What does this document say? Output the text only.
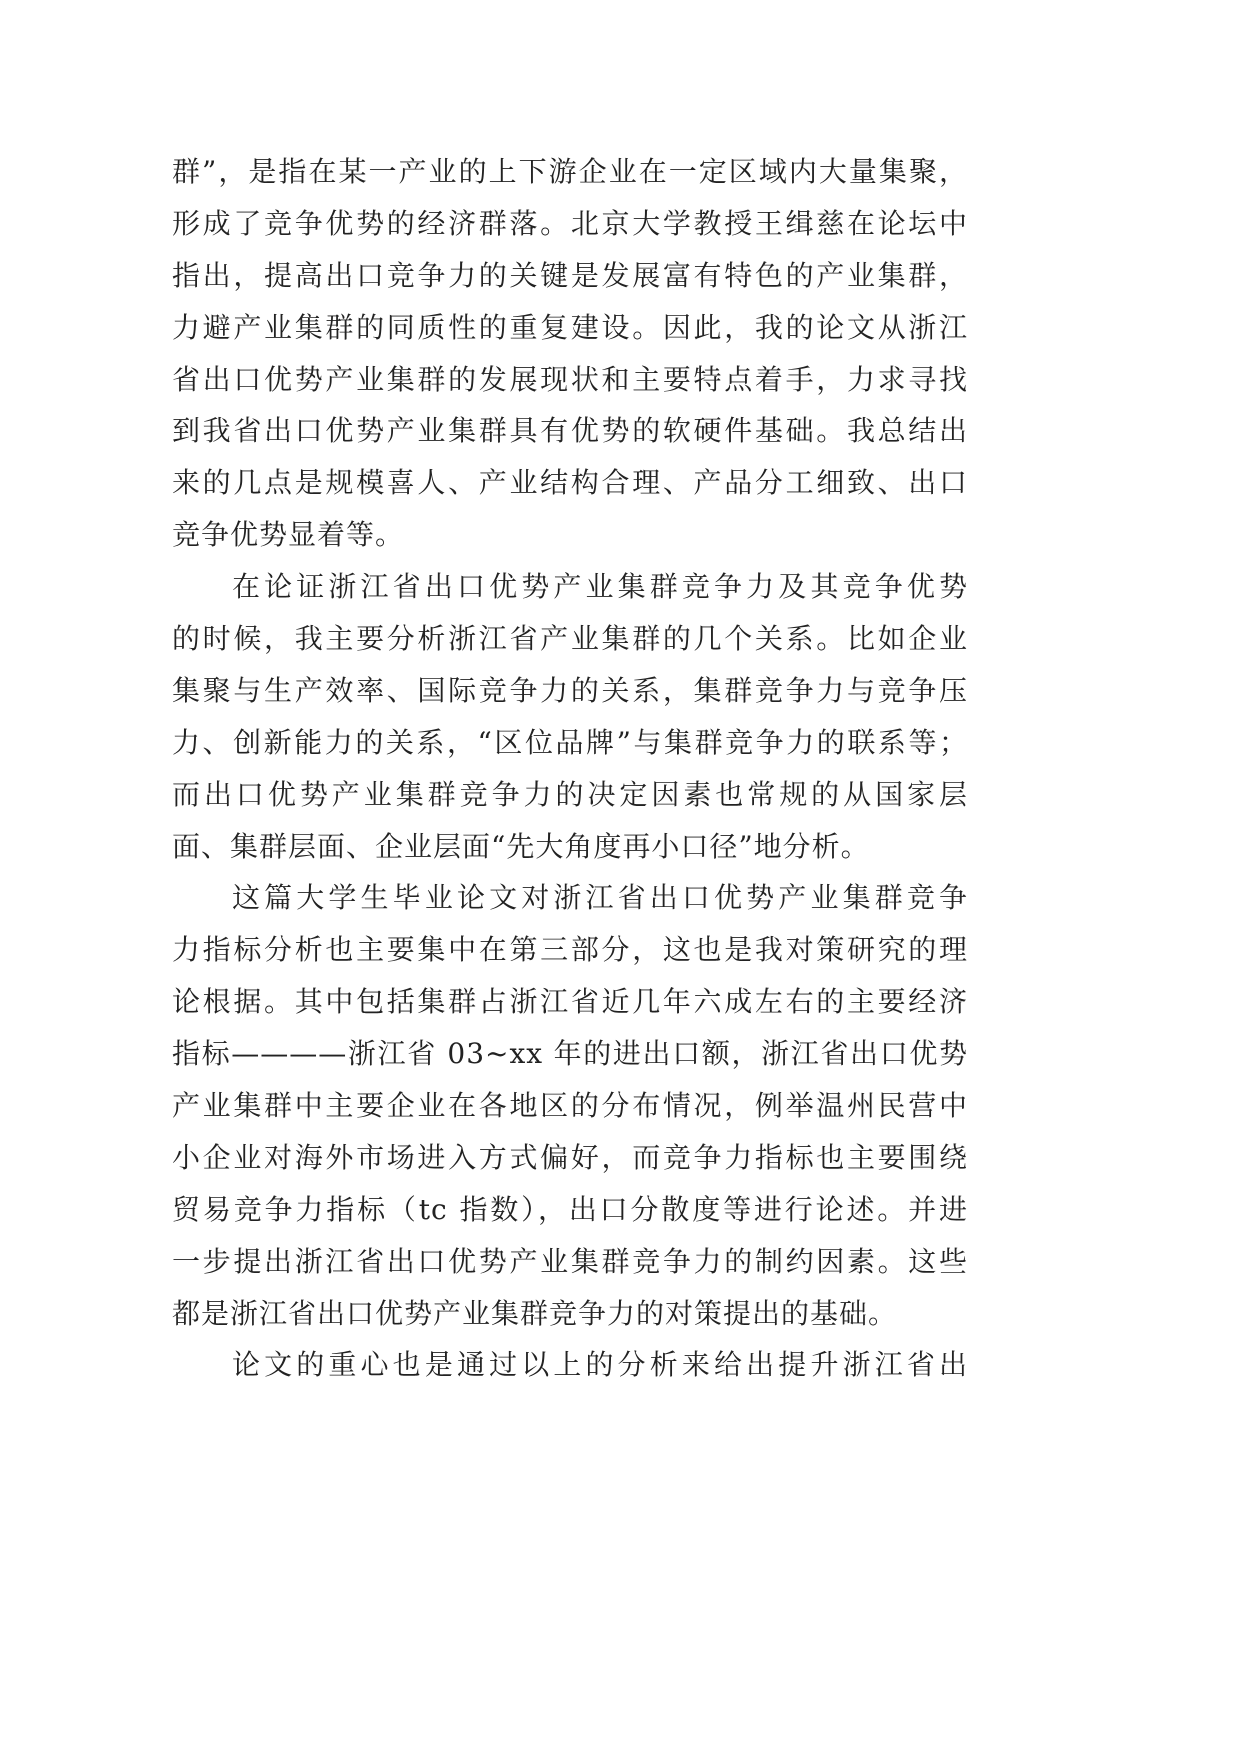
群”，是指在某一产业的上下游企业在一定区域内大量集聚，
形成了竞争优势的经济群落。北京大学教授王缉慈在论坛中
指出，提高出口竞争力的关键是发展富有特色的产业集群，
力避产业集群的同质性的重复建设。因此，我的论文从浙江
省出口优势产业集群的发展现状和主要特点着手，力求寻找
到我省出口优势产业集群具有优势的软硬件基础。我总结出
来的几点是规模喜人、产业结构合理、产品分工细致、出口
竞争优势显着等。
在论证浙江省出口优势产业集群竞争力及其竞争优势
的时候，我主要分析浙江省产业集群的几个关系。比如企业
集聚与生产效率、国际竞争力的关系，集群竞争力与竞争压
力、创新能力的关系，“区位品牌”与集群竞争力的联系等；
而出口优势产业集群竞争力的决定因素也常规的从国家层
面、集群层面、企业层面“先大角度再小口径”地分析。
这篇大学生毕业论文对浙江省出口优势产业集群竞争
力指标分析也主要集中在第三部分，这也是我对策研究的理
论根据。其中包括集群占浙江省近几年六成左右的主要经济
指标————浙江省 03~xx 年的进出口额，浙江省出口优势
产业集群中主要企业在各地区的分布情况，例举温州民营中
小企业对海外市场进入方式偏好，而竞争力指标也主要围绕
贸易竞争力指标（tc 指数），出口分散度等进行论述。并进
一步提出浙江省出口优势产业集群竞争力的制约因素。这些
都是浙江省出口优势产业集群竞争力的对策提出的基础。
论文的重心也是通过以上的分析来给出提升浙江省出
